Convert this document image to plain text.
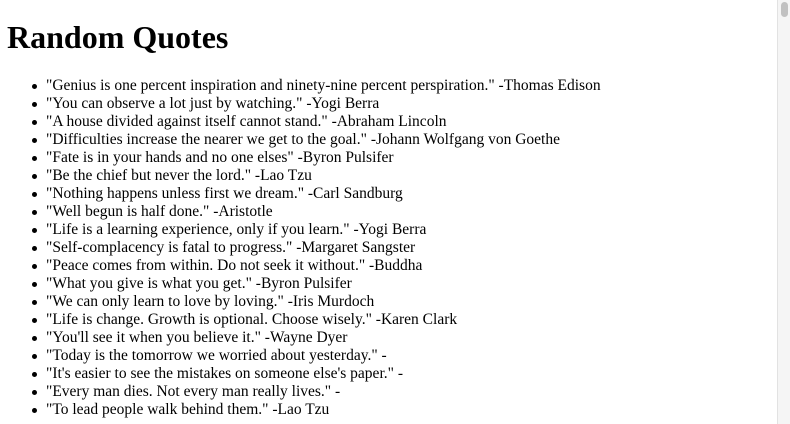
Random Quotes
"Genius is one percent inspiration and ninety-nine percent perspiration." -Thomas Edison
"You can observe a lot just by watching." -Yogi Berra
"A house divided against itself cannot stand." -Abraham Lincoln
"Difficulties increase the nearer we get to the goal." -Johann Wolfgang von Goethe
"Fate is in your hands and no one elses" -Byron Pulsifer
"Be the chief but never the lord." -Lao Tzu
"Nothing happens unless first we dream." -Carl Sandburg
"Well begun is half done." -Aristotle
"Life is a learning experience, only if you learn." -Yogi Berra
"Self-complacency is fatal to progress." -Margaret Sangster
"Peace comes from within. Do not seek it without." -Buddha
"What you give is what you get." -Byron Pulsifer
"We can only learn to love by loving." -Iris Murdoch
"Life is change. Growth is optional. Choose wisely." -Karen Clark
"You'll see it when you believe it." -Wayne Dyer
"Today is the tomorrow we worried about yesterday." -
"It's easier to see the mistakes on someone else's paper." -
"Every man dies. Not every man really lives." -
"To lead people walk behind them." -Lao Tzu
